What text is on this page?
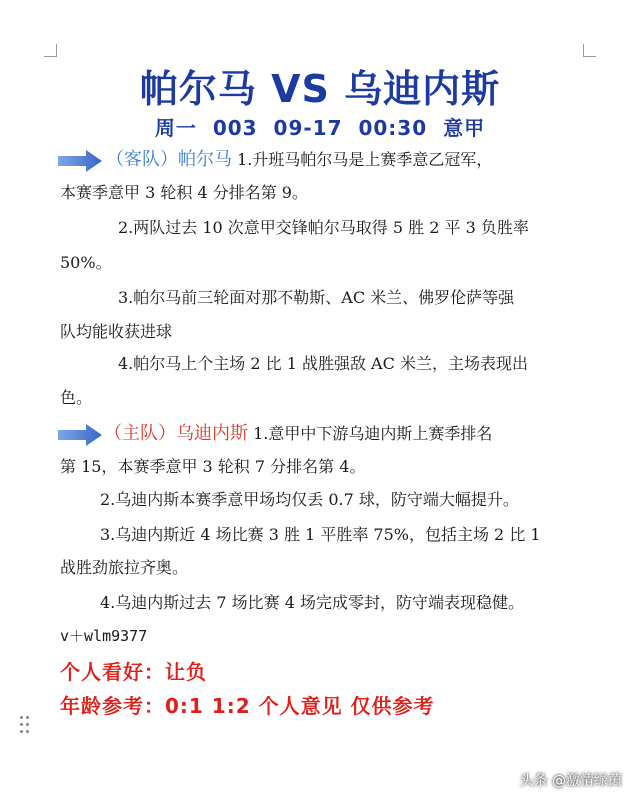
帕尔马 VS 乌迪内斯
周一 003 09-17 00:30 意甲
（客队）帕尔马 1.升班马帕尔马是上赛季意乙冠军，
本赛季意甲 3 轮积 4 分排名第 9。
2.两队过去 10 次意甲交锋帕尔马取得 5 胜 2 平 3 负胜率
50%。
3.帕尔马前三轮面对那不勒斯、AC 米兰、佛罗伦萨等强
队均能收获进球
4.帕尔马上个主场 2 比 1 战胜强敌 AC 米兰，主场表现出
色。
（主队）乌迪内斯 1.意甲中下游乌迪内斯上赛季排名
第 15，本赛季意甲 3 轮积 7 分排名第 4。
2.乌迪内斯本赛季意甲场均仅丢 0.7 球，防守端大幅提升。
3.乌迪内斯近 4 场比赛 3 胜 1 平胜率 75%，包括主场 2 比 1
战胜劲旅拉齐奥。
4.乌迪内斯过去 7 场比赛 4 场完成零封，防守端表现稳健。
v＋wlm9377
个人看好：让负
年龄参考：0:1 1:2 个人意见 仅供参考
头条 @激情绿茵
